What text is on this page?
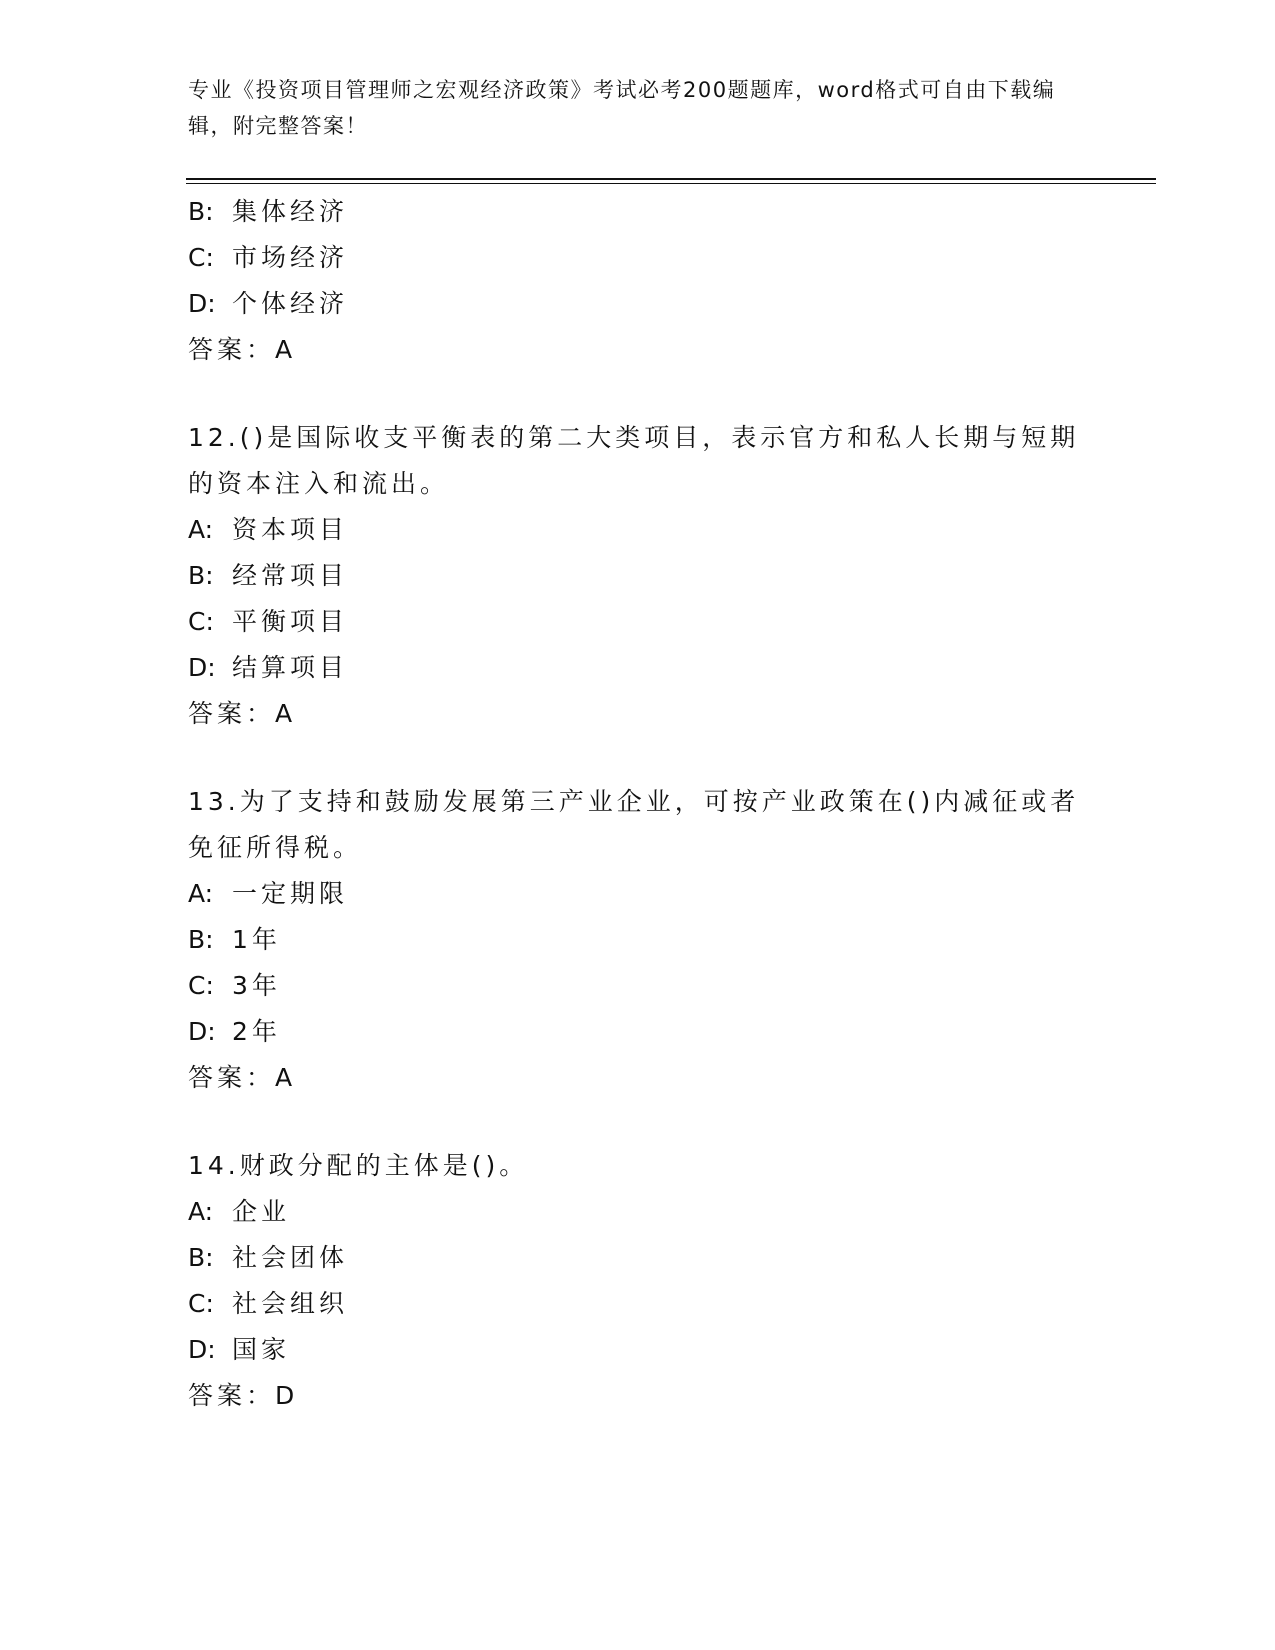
专业《投资项目管理师之宏观经济政策》考试必考200题题库，word格式可自由下载编辑，附完整答案！
B: 集体经济
C: 市场经济
D: 个体经济
答案：A
12.()是国际收支平衡表的第二大类项目，表示官方和私人长期与短期
的资本注入和流出。
A: 资本项目
B: 经常项目
C: 平衡项目
D: 结算项目
答案：A
13.为了支持和鼓励发展第三产业企业，可按产业政策在()内减征或者
免征所得税。
A: 一定期限
B: 1年
C: 3年
D: 2年
答案：A
14.财政分配的主体是()。
A: 企业
B: 社会团体
C: 社会组织
D: 国家
答案：D
